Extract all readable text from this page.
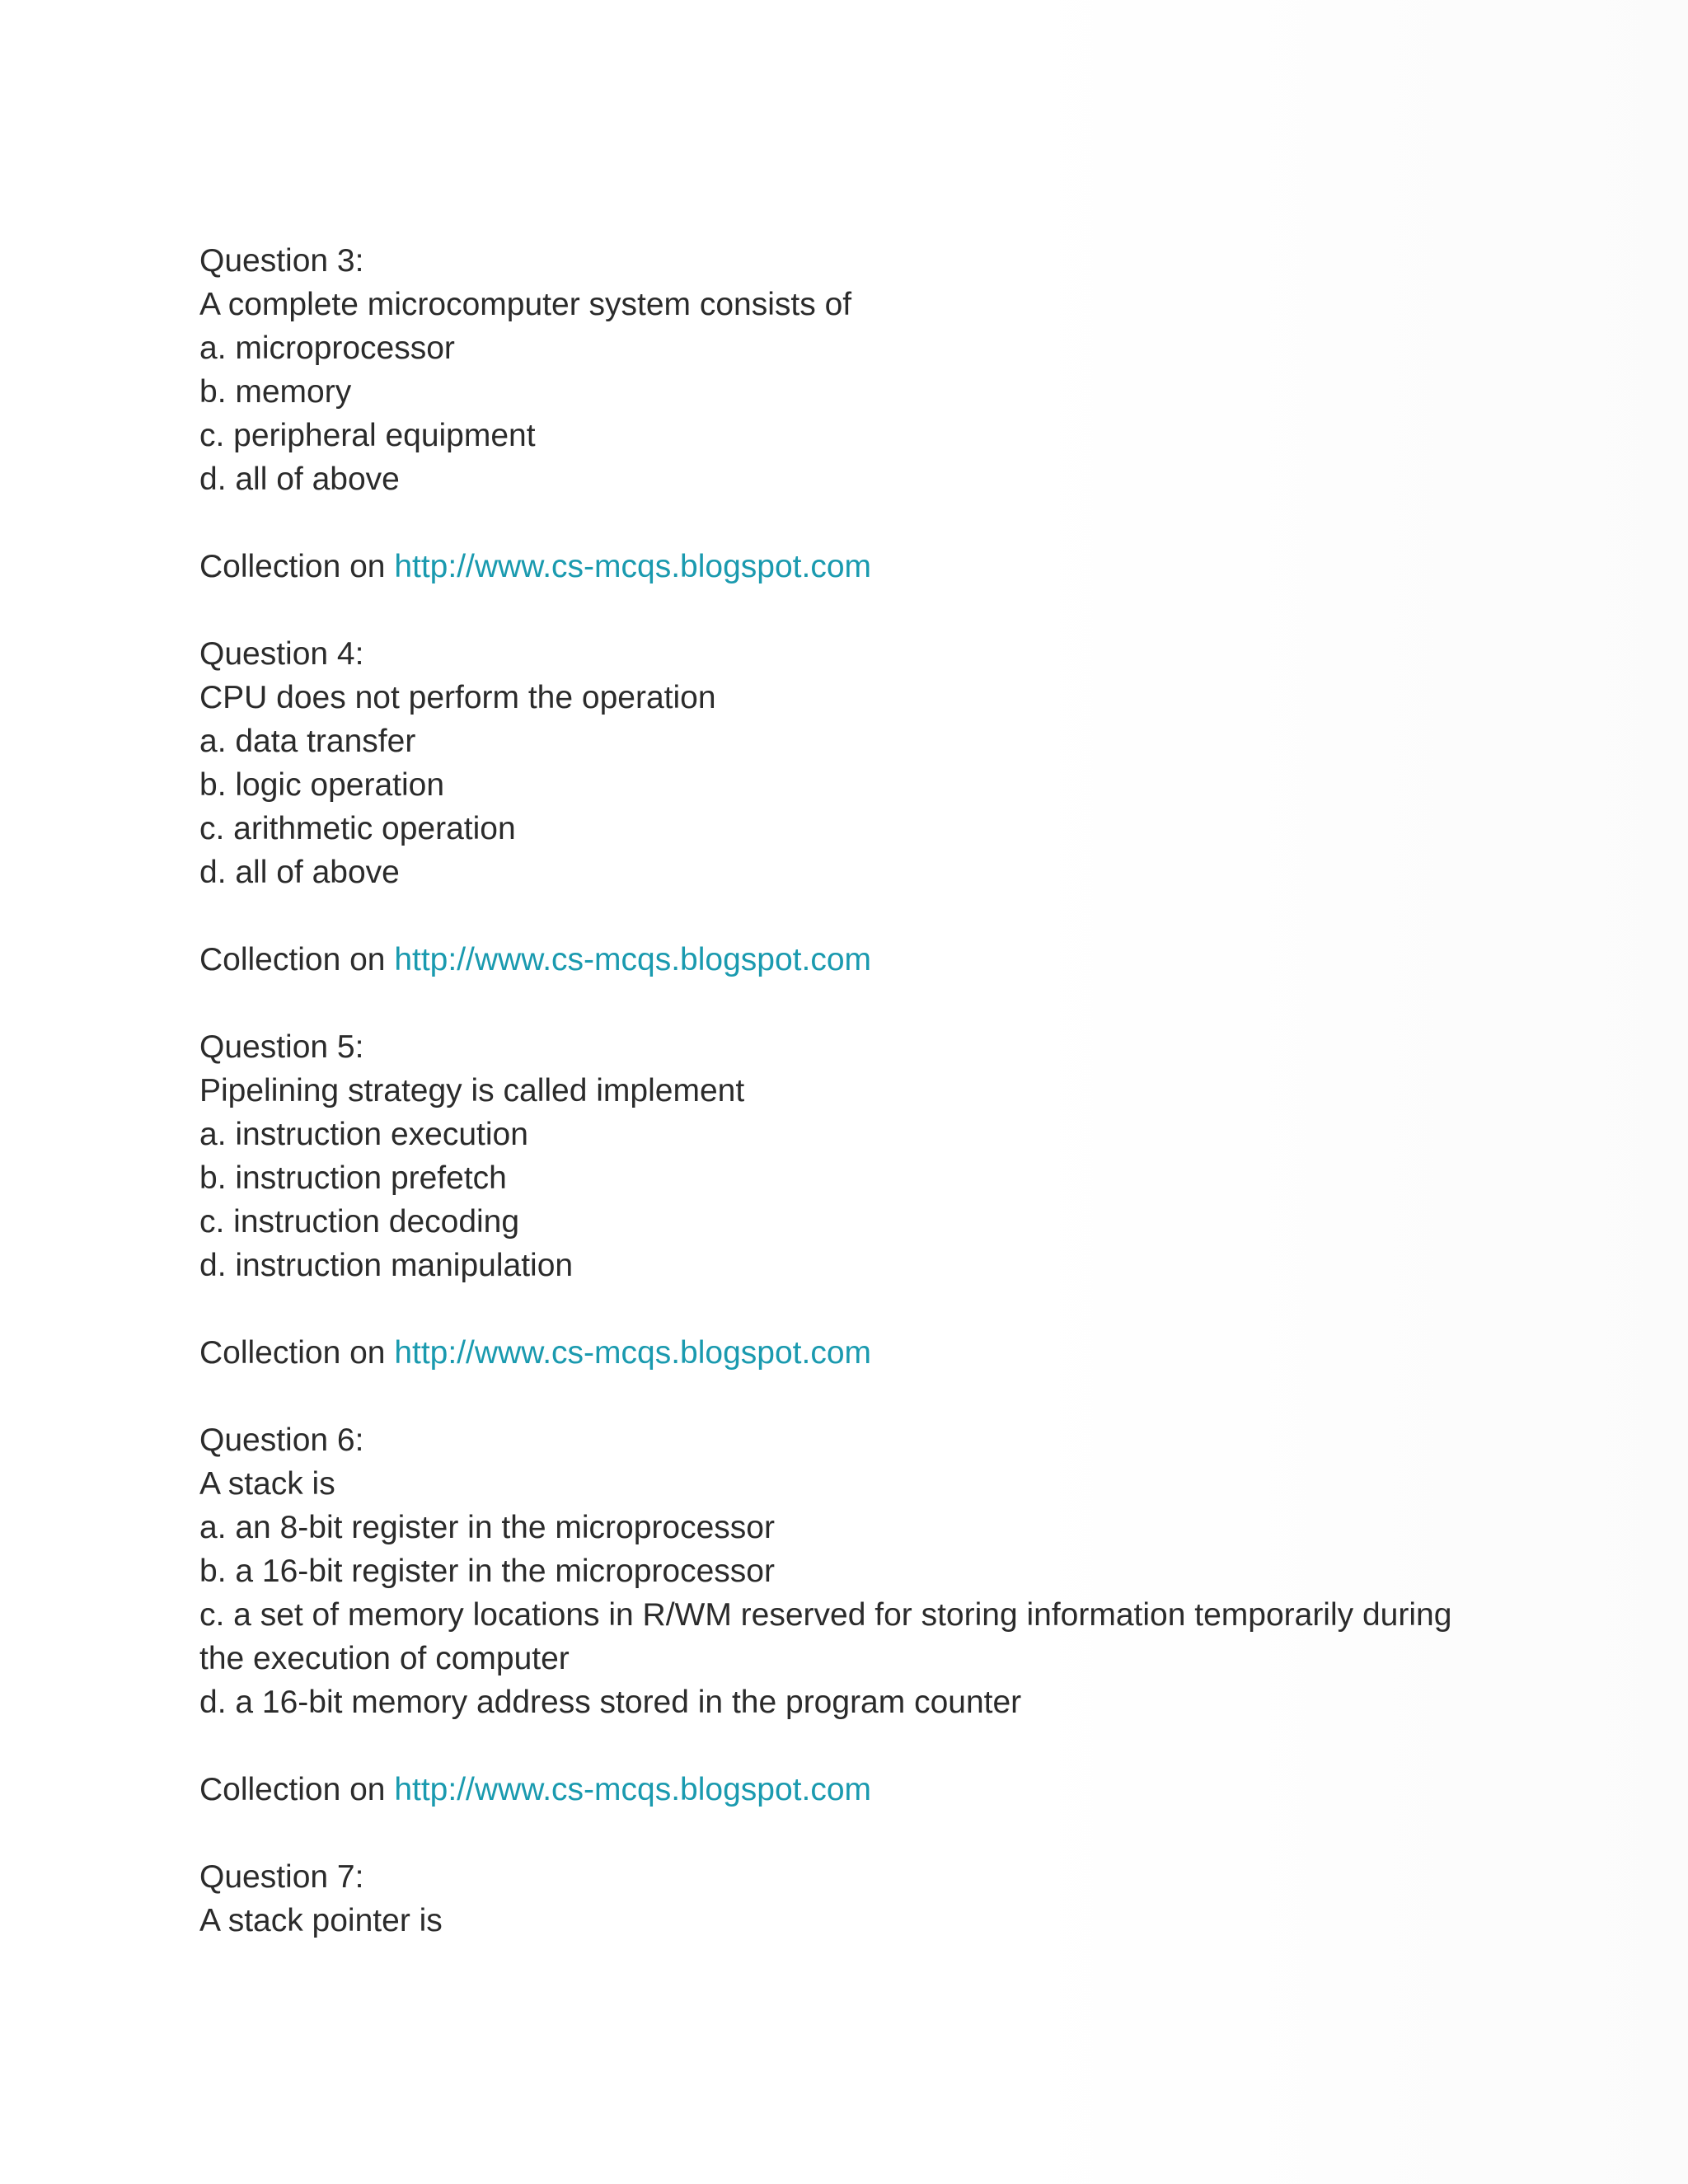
Question 3:
A complete microcomputer system consists of
a. microprocessor
b. memory
c. peripheral equipment
d. all of above
Collection on http://www.cs-mcqs.blogspot.com
Question 4:
CPU does not perform the operation
a. data transfer
b. logic operation
c. arithmetic operation
d. all of above
Collection on http://www.cs-mcqs.blogspot.com
Question 5:
Pipelining strategy is called implement
a. instruction execution
b. instruction prefetch
c. instruction decoding
d. instruction manipulation
Collection on http://www.cs-mcqs.blogspot.com
Question 6:
A stack is
a. an 8-bit register in the microprocessor
b. a 16-bit register in the microprocessor
c. a set of memory locations in R/WM reserved for storing information temporarily during the execution of computer
d. a 16-bit memory address stored in the program counter
Collection on http://www.cs-mcqs.blogspot.com
Question 7:
A stack pointer is
